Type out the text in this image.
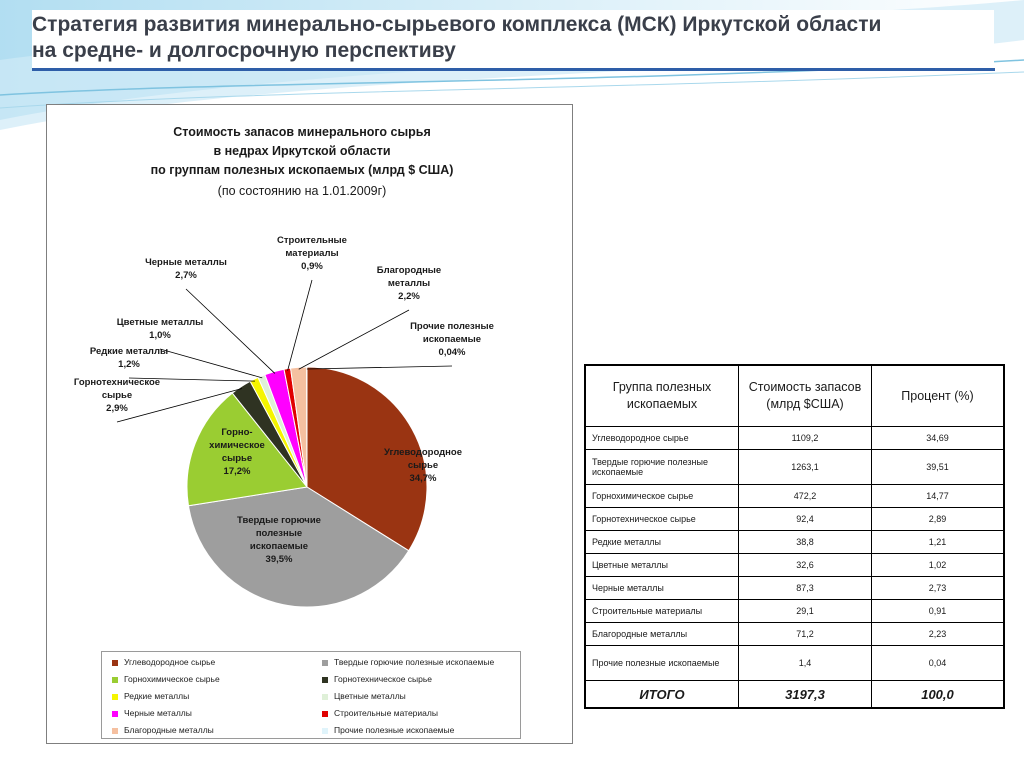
Стратегия развития минерально-сырьевого комплекса (МСК) Иркутской области
на средне- и долгосрочную перспективу
Стоимость запасов минерального сырья
в недрах Иркутской области
по группам полезных ископаемых (млрд $ США)
(по состоянию на 1.01.2009г)
Углеводородное сырье 34,7%
Твердые горючие полезные ископаемые 39,5%
Горно-химическое сырье 17,2%
Горнотехническое сырье 2,9%
Редкие металлы 1,2%
Цветные металлы 1,0%
Черные металлы 2,7%
Строительные материалы 0,9%	Благородные металлы 2,2%
Прочие полезные ископаемые 0,04%
Углеводородное сырье	Твердые горючие полезные ископаемые
Горнохимическое сырье	Горнотехническое сырье
Редкие металлы	Цветные металлы
Черные металлы	Строительные материалы
Благородные металлы	Прочие полезные ископаемые
Группа полезных ископаемых	Стоимость запасов (млрд $США)	Процент (%)
Углеводородное сырье	1109,2	34,69
Твердые горючие полезные ископаемые	1263,1	39,51
Горнохимическое сырье	472,2	14,77
Горнотехническое сырье	92,4	2,89
Редкие металлы	38,8	1,21
Цветные металлы	32,6	1,02
Черные металлы	87,3	2,73
Строительные материалы	29,1	0,91
Благородные металлы	71,2	2,23
Прочие полезные ископаемые	1,4	0,04
ИТОГО	3197,3	100,0
